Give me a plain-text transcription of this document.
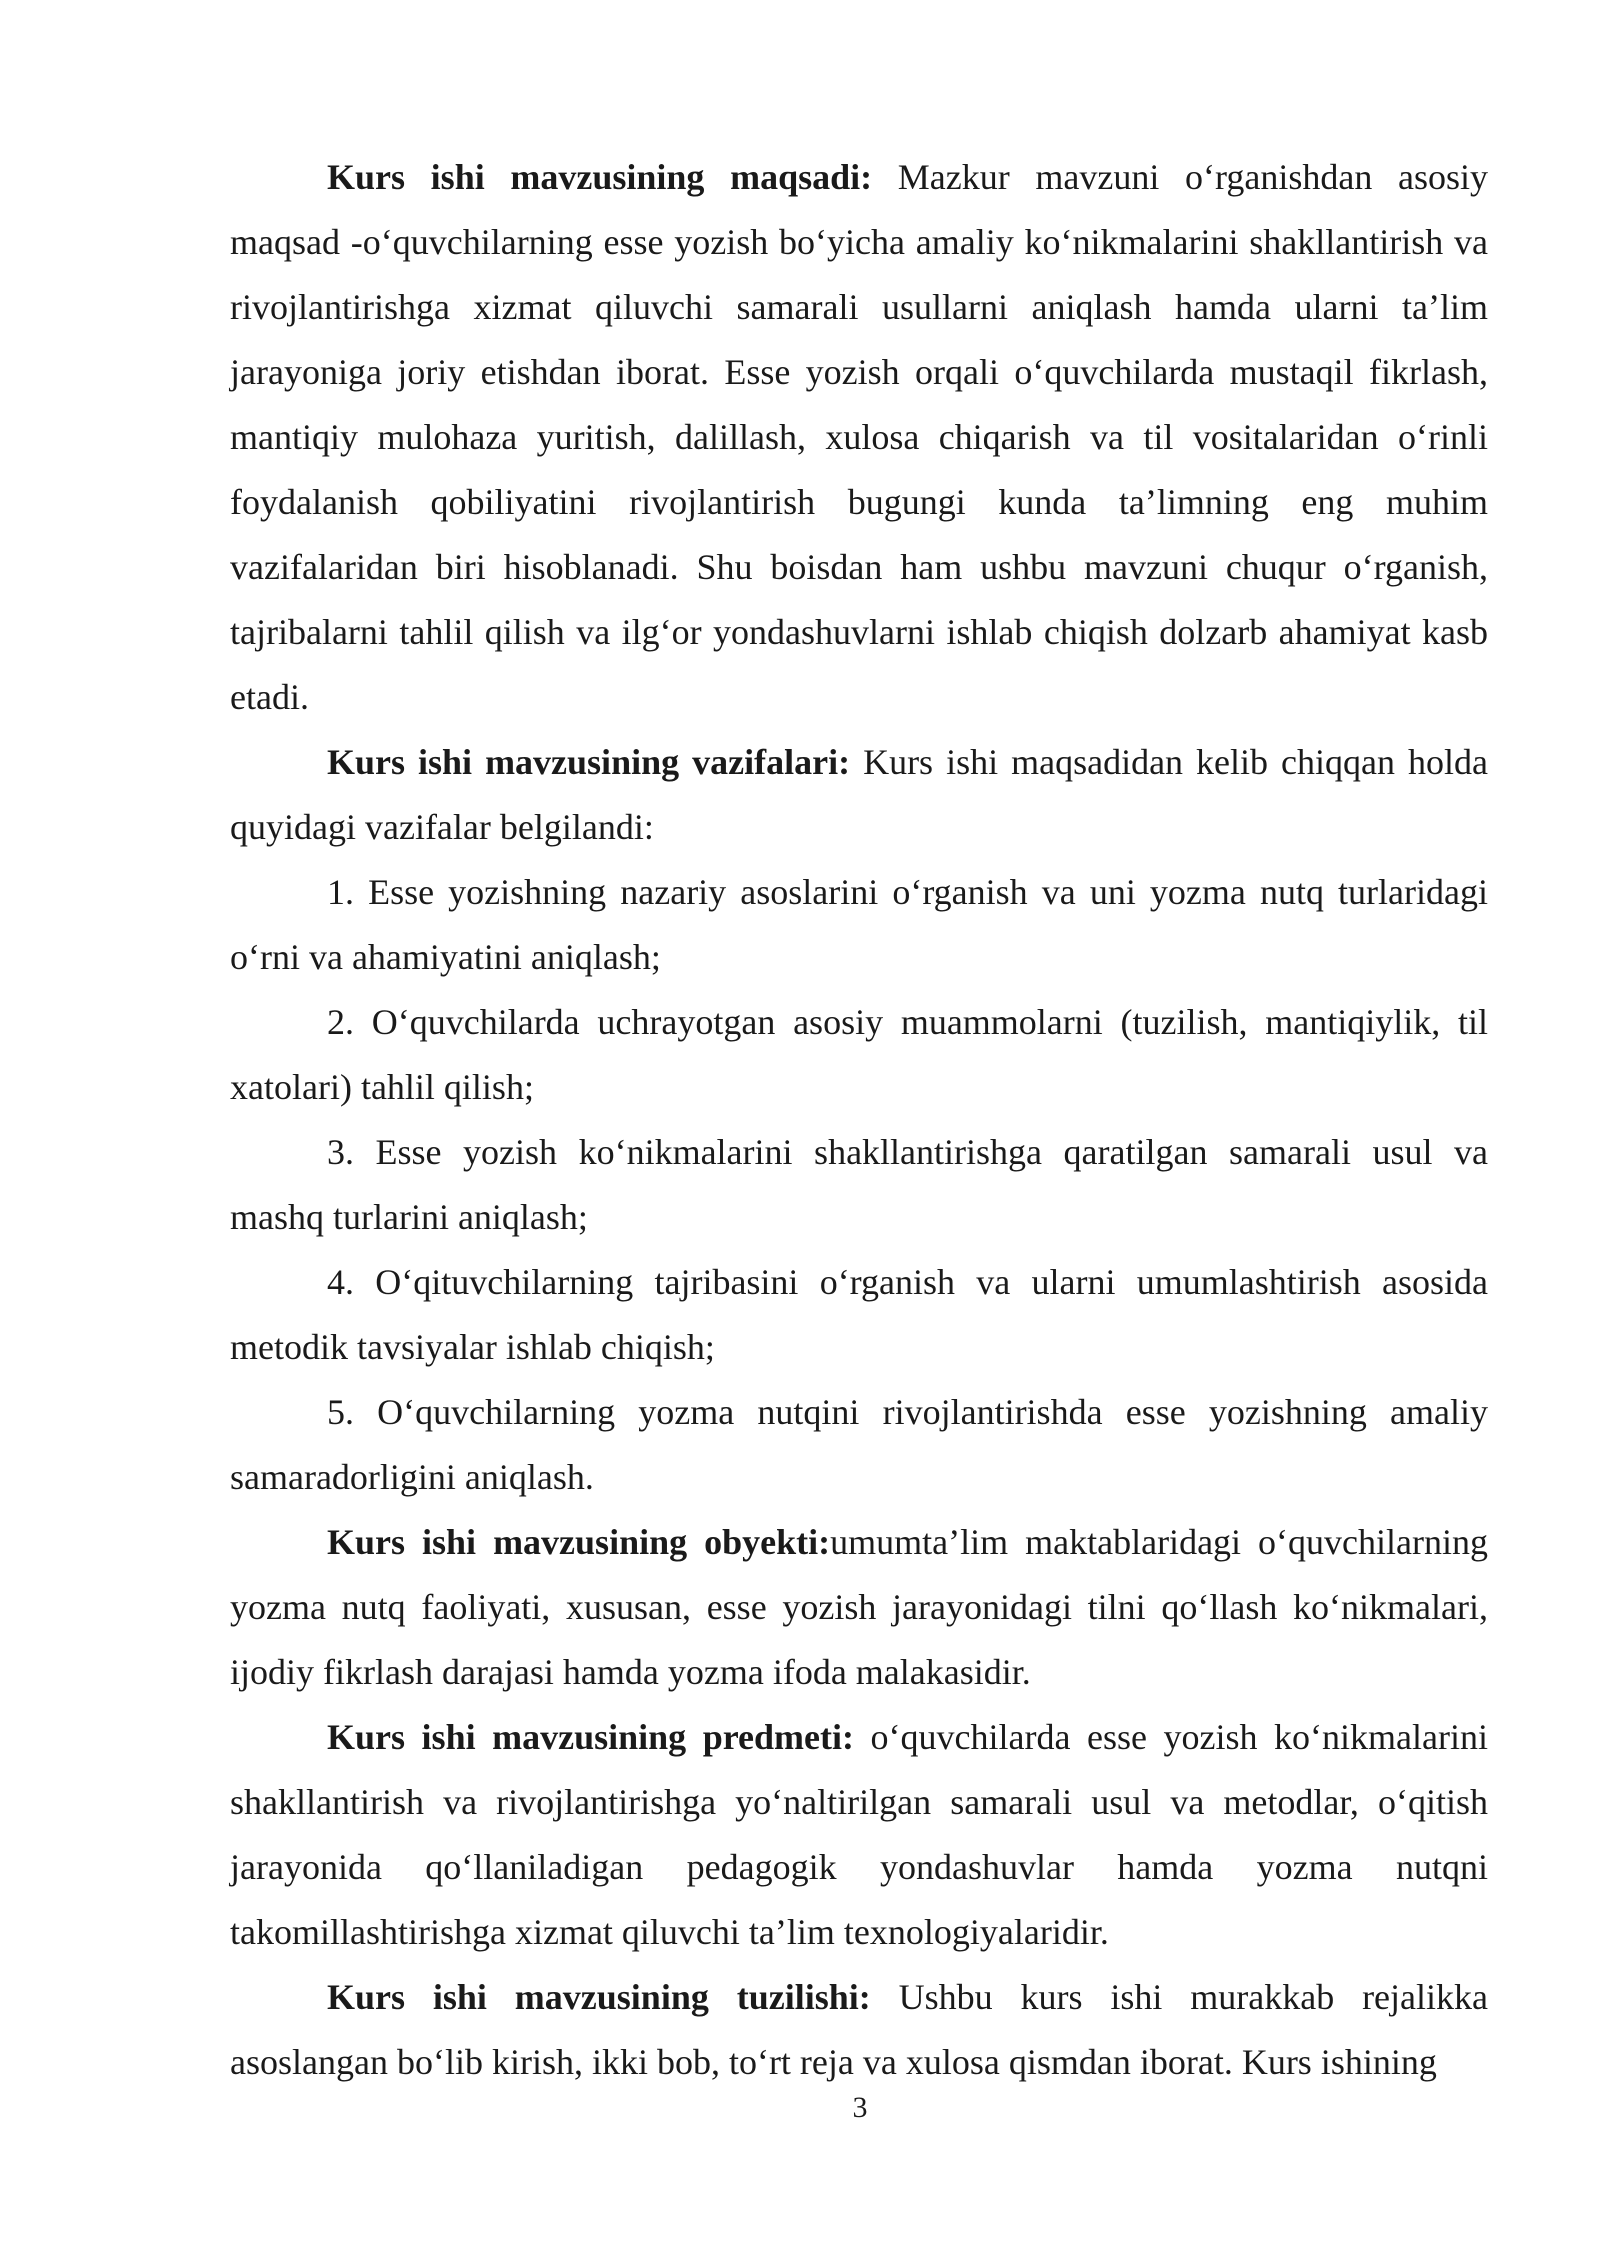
Kurs ishi mavzusining maqsadi: Mazkur mavzuni o‘rganishdan asosiy maqsad -o‘quvchilarning esse yozish bo‘yicha amaliy ko‘nikmalarini shakllantirish va rivojlantirishga xizmat qiluvchi samarali usullarni aniqlash hamda ularni ta’lim jarayoniga joriy etishdan iborat. Esse yozish orqali o‘quvchilarda mustaqil fikrlash, mantiqiy mulohaza yuritish, dalillash, xulosa chiqarish va til vositalaridan o‘rinli foydalanish qobiliyatini rivojlantirish bugungi kunda ta’limning eng muhim vazifalaridan biri hisoblanadi. Shu boisdan ham ushbu mavzuni chuqur o‘rganish, tajribalarni tahlil qilish va ilg‘or yondashuvlarni ishlab chiqish dolzarb ahamiyat kasb etadi.

Kurs ishi mavzusining vazifalari: Kurs ishi maqsadidan kelib chiqqan holda quyidagi vazifalar belgilandi:

1. Esse yozishning nazariy asoslarini o‘rganish va uni yozma nutq turlaridagi o‘rni va ahamiyatini aniqlash;

2. O‘quvchilarda uchrayotgan asosiy muammolarni (tuzilish, mantiqiylik, til xatolari) tahlil qilish;

3. Esse yozish ko‘nikmalarini shakllantirishga qaratilgan samarali usul va mashq turlarini aniqlash;

4. O‘qituvchilarning tajribasini o‘rganish va ularni umumlashtirish asosida metodik tavsiyalar ishlab chiqish;

5. O‘quvchilarning yozma nutqini rivojlantirishda esse yozishning amaliy samaradorligini aniqlash.

Kurs ishi mavzusining obyekti:umumta’lim maktablaridagi o‘quvchilarning yozma nutq faoliyati, xususan, esse yozish jarayonidagi tilni qo‘llash ko‘nikmalari, ijodiy fikrlash darajasi hamda yozma ifoda malakasidir.

Kurs ishi mavzusining predmeti: o‘quvchilarda esse yozish ko‘nikmalarini shakllantirish va rivojlantirishga yo‘naltirilgan samarali usul va metodlar, o‘qitish jarayonida qo‘llaniladigan pedagogik yondashuvlar hamda yozma nutqni takomillashtirishga xizmat qiluvchi ta’lim texnologiyalaridir.

Kurs ishi mavzusining tuzilishi: Ushbu kurs ishi murakkab rejalikka asoslangan bo‘lib kirish, ikki bob, to‘rt reja va xulosa qismdan iborat. Kurs ishining

3
